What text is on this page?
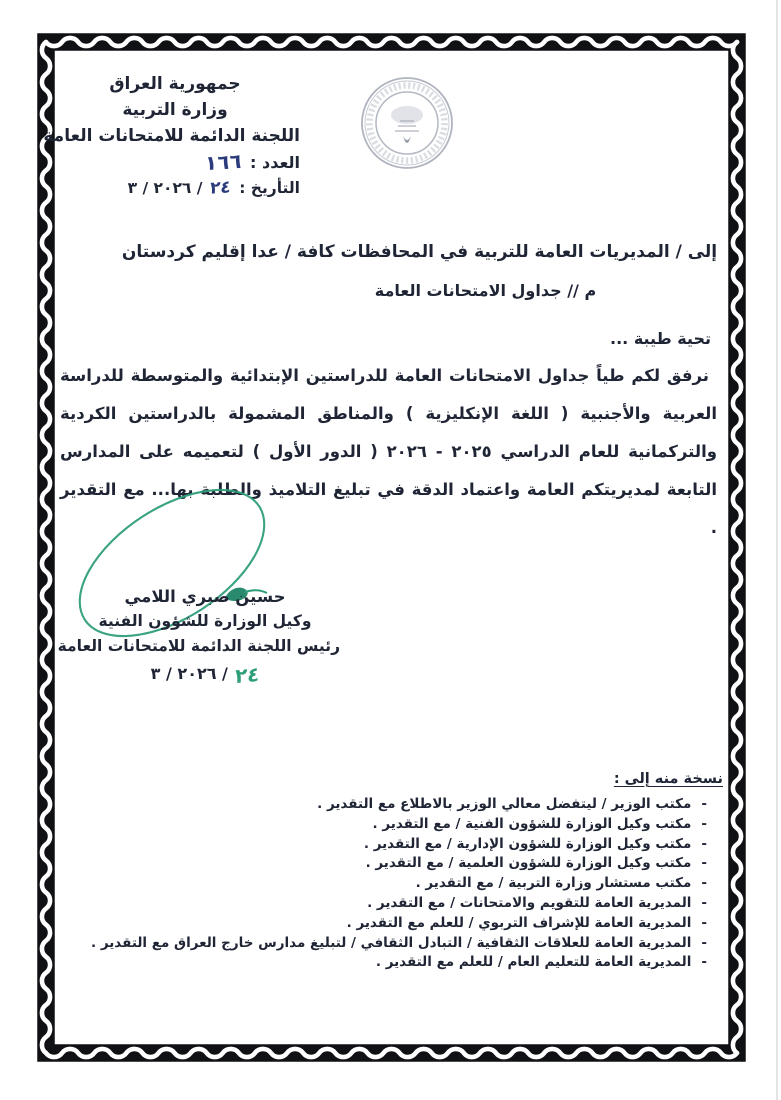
جمهورية العراق
وزارة التربية
اللجنة الدائمة للامتحانات العامة
١٦٦ العدد :
٢٠٢٦ / ٣ / ٢٤ التأريخ :
إلى / المديريات العامة للتربية في المحافظات كافة / عدا إقليم كردستان
م // جداول الامتحانات العامة
تحية طيبة ...
نرفق لكم طياً جداول الامتحانات العامة للدراستين الإبتدائية والمتوسطة للدراسة العربية والأجنبية ( اللغة الإنكليزية ) والمناطق المشمولة بالدراستين الكردية والتركمانية للعام الدراسي ٢٠٢٥ - ٢٠٢٦ ( الدور الأول ) لتعميمه على المدارس التابعة لمديريتكم العامة واعتماد الدقة في تبليغ التلاميذ والطلبة بها... مع التقدير .
حسين صبري اللامي
وكيل الوزارة للشؤون الفنية
رئيس اللجنة الدائمة للامتحانات العامة
٢٠٢٦ / ٣ / ٢٤
نسخة منه إلى :
- مكتب الوزير / ليتفضل معالي الوزير بالاطلاع مع التقدير .
- مكتب وكيل الوزارة للشؤون الفنية / مع التقدير .
- مكتب وكيل الوزارة للشؤون الإدارية / مع التقدير .
- مكتب وكيل الوزارة للشؤون العلمية / مع التقدير .
- مكتب مستشار وزارة التربية / مع التقدير .
- المديرية العامة للتقويم والامتحانات / مع التقدير .
- المديرية العامة للإشراف التربوي / للعلم مع التقدير .
- المديرية العامة للعلاقات الثقافية / التبادل الثقافي / لتبليغ مدارس خارج العراق مع التقدير .
- المديرية العامة للتعليم العام / للعلم مع التقدير .
